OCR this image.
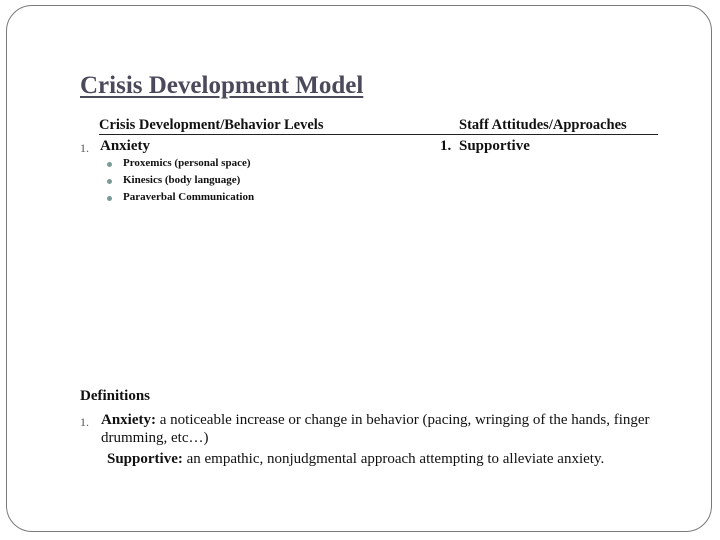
Crisis Development Model
Crisis Development/Behavior Levels	Staff Attitudes/Approaches
1. Anxiety
Proxemics (personal space)
Kinesics (body language)
Paraverbal Communication
1. Supportive
Definitions
1. Anxiety: a noticeable increase or change in behavior (pacing, wringing of the hands, finger drumming, etc…)
Supportive: an empathic, nonjudgmental approach attempting to alleviate anxiety.
